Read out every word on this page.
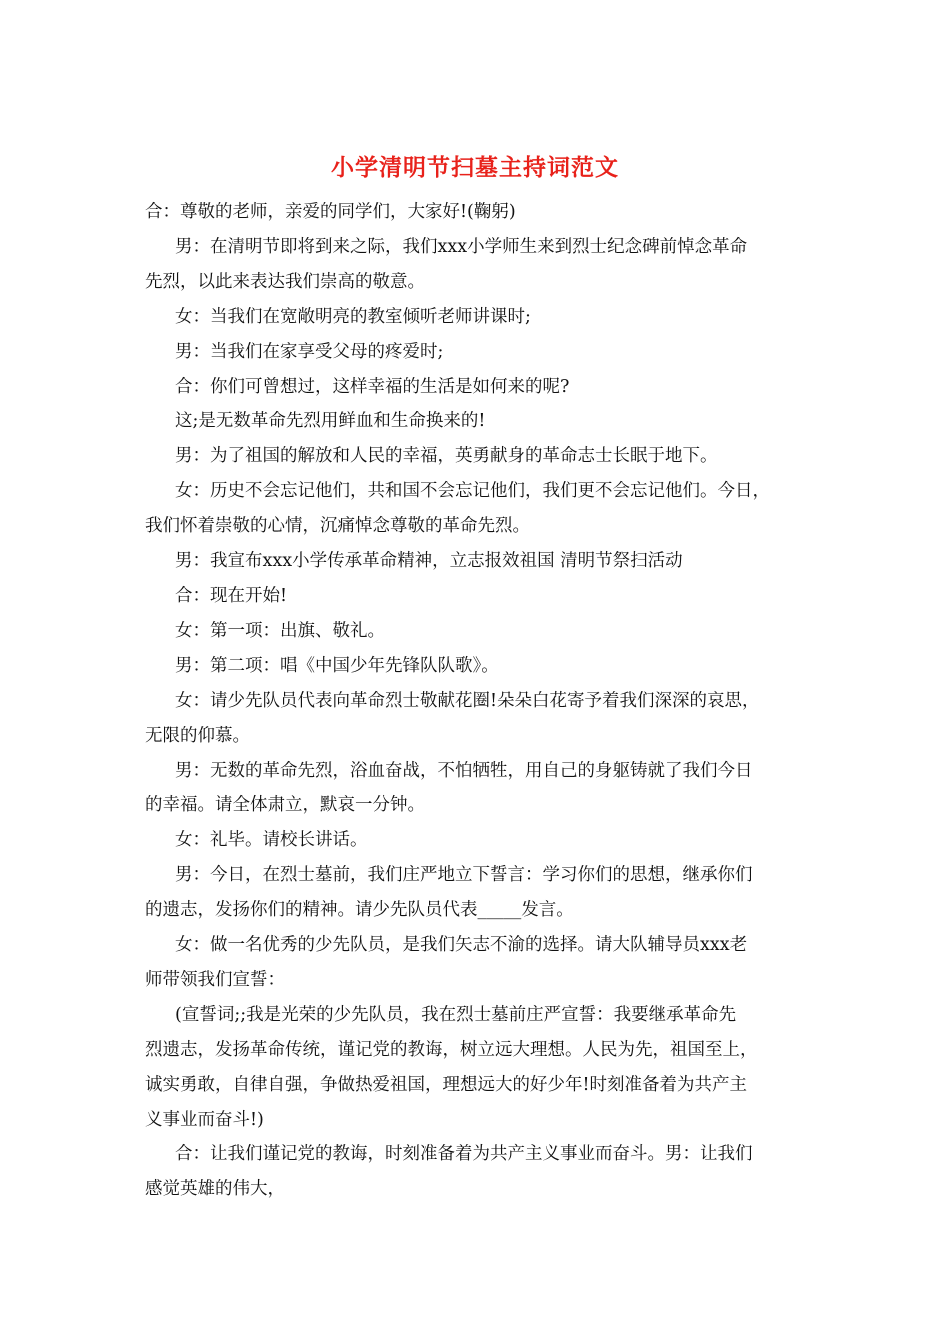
小学清明节扫墓主持词范文

合：尊敬的老师，亲爱的同学们，大家好!(鞠躬)

男：在清明节即将到来之际，我们xxx小学师生来到烈士纪念碑前悼念革命

先烈，以此来表达我们崇高的敬意。

女：当我们在宽敞明亮的教室倾听老师讲课时;

男：当我们在家享受父母的疼爱时;

合：你们可曾想过，这样幸福的生活是如何来的呢?

这;是无数革命先烈用鲜血和生命换来的!

男：为了祖国的解放和人民的幸福，英勇献身的革命志士长眠于地下。

女：历史不会忘记他们，共和国不会忘记他们，我们更不会忘记他们。今日，

我们怀着崇敬的心情，沉痛悼念尊敬的革命先烈。

男：我宣布xxx小学传承革命精神，立志报效祖国 清明节祭扫活动

合：现在开始!

女：第一项：出旗、敬礼。

男：第二项：唱《中国少年先锋队队歌》。

女：请少先队员代表向革命烈士敬献花圈!朵朵白花寄予着我们深深的哀思，

无限的仰慕。

男：无数的革命先烈，浴血奋战，不怕牺牲，用自己的身躯铸就了我们今日

的幸福。请全体肃立，默哀一分钟。

女：礼毕。请校长讲话。

男：今日，在烈士墓前，我们庄严地立下誓言：学习你们的思想，继承你们

的遗志，发扬你们的精神。请少先队员代表_____发言。

女：做一名优秀的少先队员，是我们矢志不渝的选择。请大队辅导员xxx老

师带领我们宣誓：

(宣誓词;;我是光荣的少先队员，我在烈士墓前庄严宣誓：我要继承革命先

烈遗志，发扬革命传统，谨记党的教诲，树立远大理想。人民为先，祖国至上，

诚实勇敢，自律自强，争做热爱祖国，理想远大的好少年!时刻准备着为共产主

义事业而奋斗!)

合：让我们谨记党的教诲，时刻准备着为共产主义事业而奋斗。男：让我们

感觉英雄的伟大，
